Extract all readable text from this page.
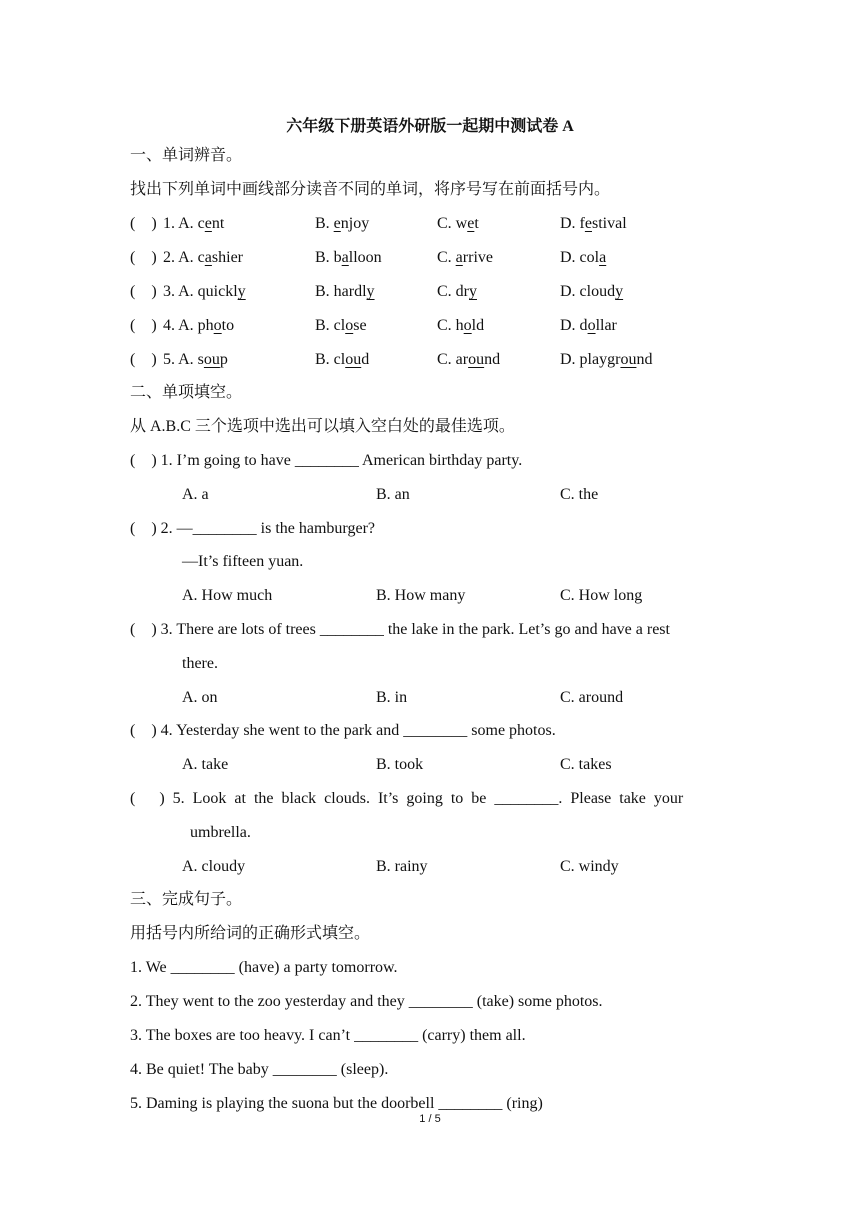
六年级下册英语外研版一起期中测试卷 A
一、单词辨音。
找出下列单词中画线部分读音不同的单词，将序号写在前面括号内。
(    ) 1. A. cent	B. enjoy	C. wet	D. festival
(    ) 2. A. cashier	B. balloon	C. arrive	D. cola
(    ) 3. A. quickly	B. hardly	C. dry	D. cloudy
(    ) 4. A. photo	B. close	C. hold	D. dollar
(    ) 5. A. soup	B. cloud	C. around	D. playground
二、单项填空。
从 A.B.C 三个选项中选出可以填入空白处的最佳选项。
(    ) 1. I’m going to have ________ American birthday party.
A. a	B. an	C. the
(    ) 2. —________ is the hamburger?
—It’s fifteen yuan.
A. How much	B. How many	C. How long
(    ) 3. There are lots of trees ________ the lake in the park. Let’s go and have a rest
there.
A. on	B. in	C. around
(    ) 4. Yesterday she went to the park and ________ some photos.
A. take	B. took	C. takes
(      )  5.  Look  at  the  black  clouds.  It’s  going  to  be  ________.  Please  take  your
umbrella.
A. cloudy	B. rainy	C. windy
三、完成句子。
用括号内所给词的正确形式填空。
1. We ________ (have) a party tomorrow.
2. They went to the zoo yesterday and they ________ (take) some photos.
3. The boxes are too heavy. I can’t ________ (carry) them all.
4. Be quiet! The baby ________ (sleep).
5. Daming is playing the suona but the doorbell ________ (ring)
1 / 5
